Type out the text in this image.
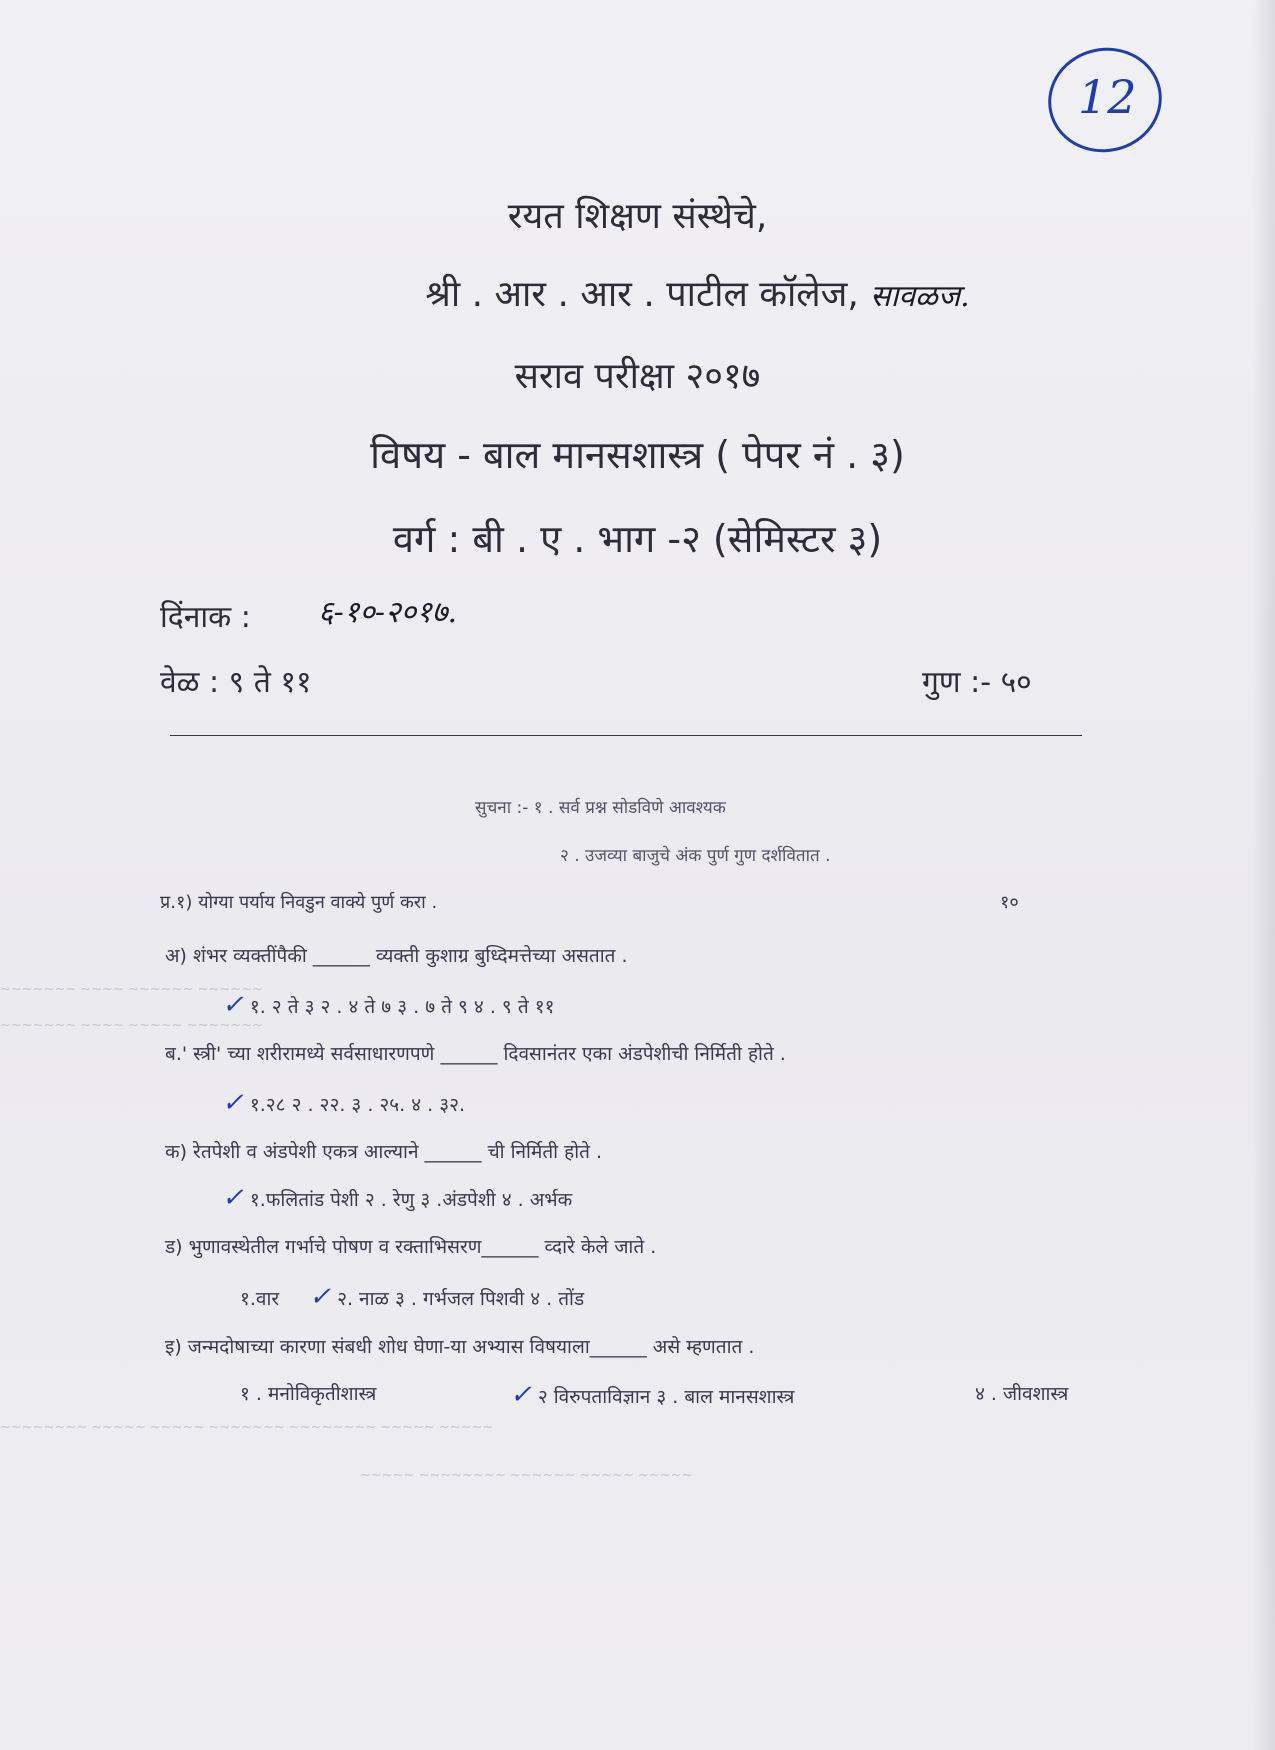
~~~~~~~ ~~~~ ~~~~~~ ~~~~~~
~~~~~~~ ~~~~ ~~~~~ ~~~~~~~
~~~~~~~~ ~~~~~ ~~~~~ ~~~~~~~ ~~~~~~~~ ~~~~~ ~~~~~
~~~~~ ~~~~~~~~ ~~~~~~ ~~~~~ ~~~~~
12
रयत शिक्षण संस्थेचे,
श्री . आर . आर . पाटील कॉलेज, सावळज.
सराव परीक्षा २०१७
विषय - बाल मानसशास्त्र ( पेपर नं . ३)
वर्ग : बी . ए . भाग -२ (सेमिस्टर ३)
दिंनाक : ६-१०-२०१७.
वेळ : ९ ते ११	गुण :- ५०
सुचना :- १ . सर्व प्रश्न सोडविणे आवश्यक
२ . उजव्या बाजुचे अंक पुर्ण गुण दर्शवितात .
प्र.१) योग्या पर्याय निवडुन वाक्ये पुर्ण करा .	१०
अ) शंभर व्यक्तींपैकी ______ व्यक्ती कुशाग्र बुध्दिमत्तेच्या असतात .
✓ १. २ ते ३ २ . ४ ते ७ ३ . ७ ते ९ ४ . ९ ते ११
ब.' स्त्री' च्या शरीरामध्ये सर्वसाधारणपणे ______ दिवसानंतर एका अंडपेशीची निर्मिती होते .
✓ १.२८ २ . २२. ३ . २५. ४ . ३२.
क) रेतपेशी व अंडपेशी एकत्र आल्याने ______ ची निर्मिती होते .
✓ १.फलितांड पेशी २ . रेणु ३ .अंडपेशी ४ . अर्भक
ड) भुणावस्थेतील गर्भाचे पोषण व रक्ताभिसरण______ व्दारे केले जाते .
१.वार ✓ २. नाळ ३ . गर्भजल पिशवी ४ . तोंड
इ) जन्मदोषाच्या कारणा संबधी शोध घेणा-या अभ्यास विषयाला______ असे म्हणतात .
१ . मनोविकृतीशास्त्र	✓ २ विरुपताविज्ञान ३ . बाल मानसशास्त्र	४ . जीवशास्त्र
